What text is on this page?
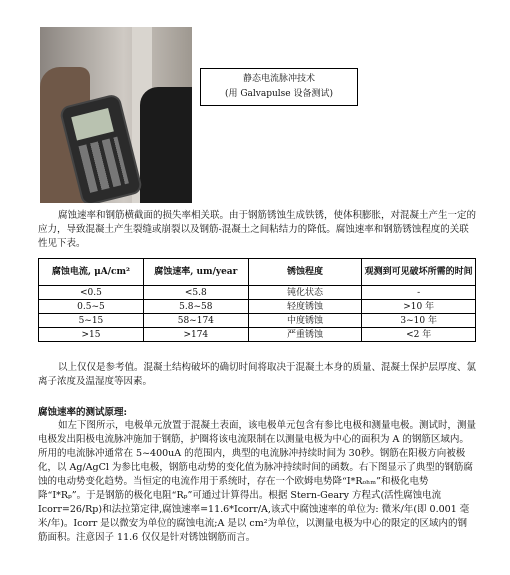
静态电流脉冲技术
(用 Galvapulse 设备测试)

腐蚀速率和钢筋横截面的损失率相关联。由于钢筋锈蚀生成铁锈，使体积膨胀，对混凝土产生一定的应力，导致混凝土产生裂缝或崩裂以及钢筋-混凝土之间粘结力的降低。腐蚀速率和钢筋锈蚀程度的关联性见下表。

腐蚀电流, μA/cm²	腐蚀速率, um/year	锈蚀程度	观测到可见破坏所需的时间
<0.5	<5.8	钝化状态	-
0.5~5	5.8~58	轻度锈蚀	>10 年
5~15	58~174	中度锈蚀	3~10 年
>15	>174	严重锈蚀	<2 年

以上仅仅是参考值。混凝土结构破坏的确切时间将取决于混凝土本身的质量、混凝土保护层厚度、氯离子浓度及温湿度等因素。

腐蚀速率的测试原理:

如左下图所示，电极单元放置于混凝土表面，该电极单元包含有参比电极和测量电极。测试时，测量电极发出阳极电流脉冲施加于钢筋，护圈将该电流限制在以测量电极为中心的面积为 A 的钢筋区域内。所用的电流脉冲通常在 5~400uA 的范围内，典型的电流脉冲持续时间为 30秒。钢筋在阳极方向被极化，以 Ag/AgCl 为参比电极，钢筋电动势的变化值为脉冲持续时间的函数。右下图显示了典型的钢筋腐蚀的电动势变化趋势。当恒定的电流作用于系统时，存在一个欧姆电势降“I*Rₒₕₘ”和极化电势降“I*Rₚ”。于是钢筋的极化电阻“Rₚ”可通过计算得出。根据 Stern-Geary 方程式(活性腐蚀电流 Icorr=26/Rp)和法拉第定律,腐蚀速率=11.6*Icorr/A,该式中腐蚀速率的单位为: 微米/年(即 0.001 毫米/年)。Icorr 是以微安为单位的腐蚀电流;A 是以 cm²为单位，以测量电极为中心的限定的区域内的钢筋面积。注意因子 11.6 仅仅是针对锈蚀钢筋而言。
